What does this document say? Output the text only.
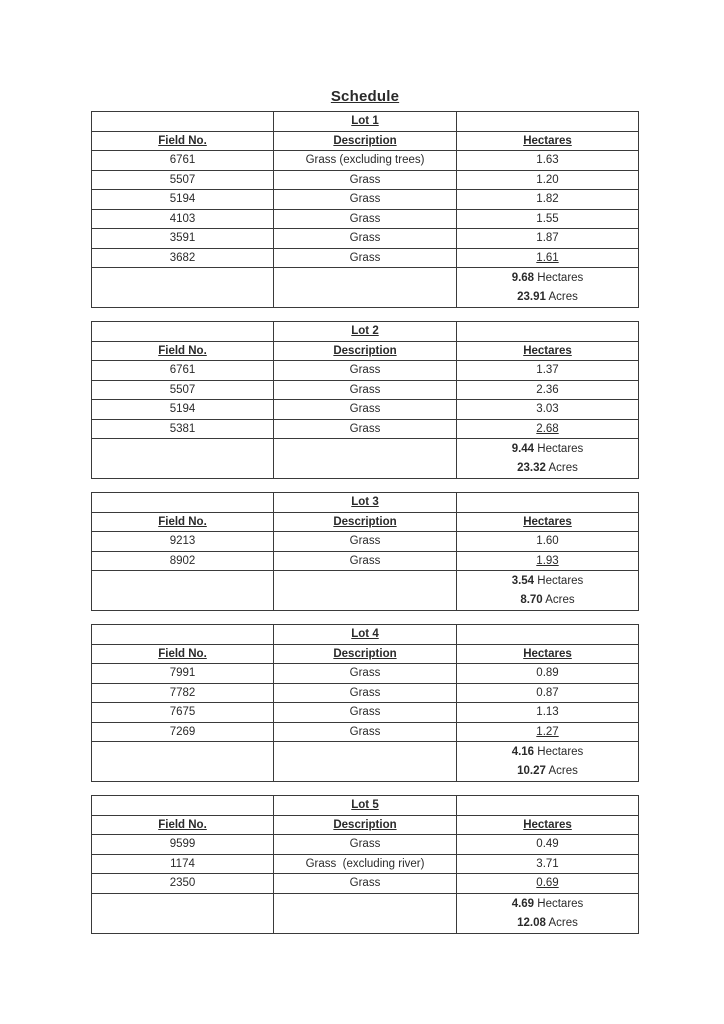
Schedule
	Lot 1	
Field No.	Description	Hectares
6761	Grass (excluding trees)	1.63
5507	Grass	1.20
5194	Grass	1.82
4103	Grass	1.55
3591	Grass	1.87
3682	Grass	1.61

		9.68 Hectares
23.91 Acres
	Lot 2	
Field No.	Description	Hectares
6761	Grass	1.37
5507	Grass	2.36
5194	Grass	3.03
5381	Grass	2.68

		9.44 Hectares
23.32 Acres
	Lot 3	
Field No.	Description	Hectares
9213	Grass	1.60
8902	Grass	1.93

		3.54 Hectares
8.70 Acres
	Lot 4	
Field No.	Description	Hectares
7991	Grass	0.89
7782	Grass	0.87
7675	Grass	1.13
7269	Grass	1.27

		4.16 Hectares
10.27 Acres
	Lot 5	
Field No.	Description	Hectares
9599	Grass	0.49
1174	Grass  (excluding river)	3.71
2350	Grass	0.69

		4.69 Hectares
12.08 Acres
